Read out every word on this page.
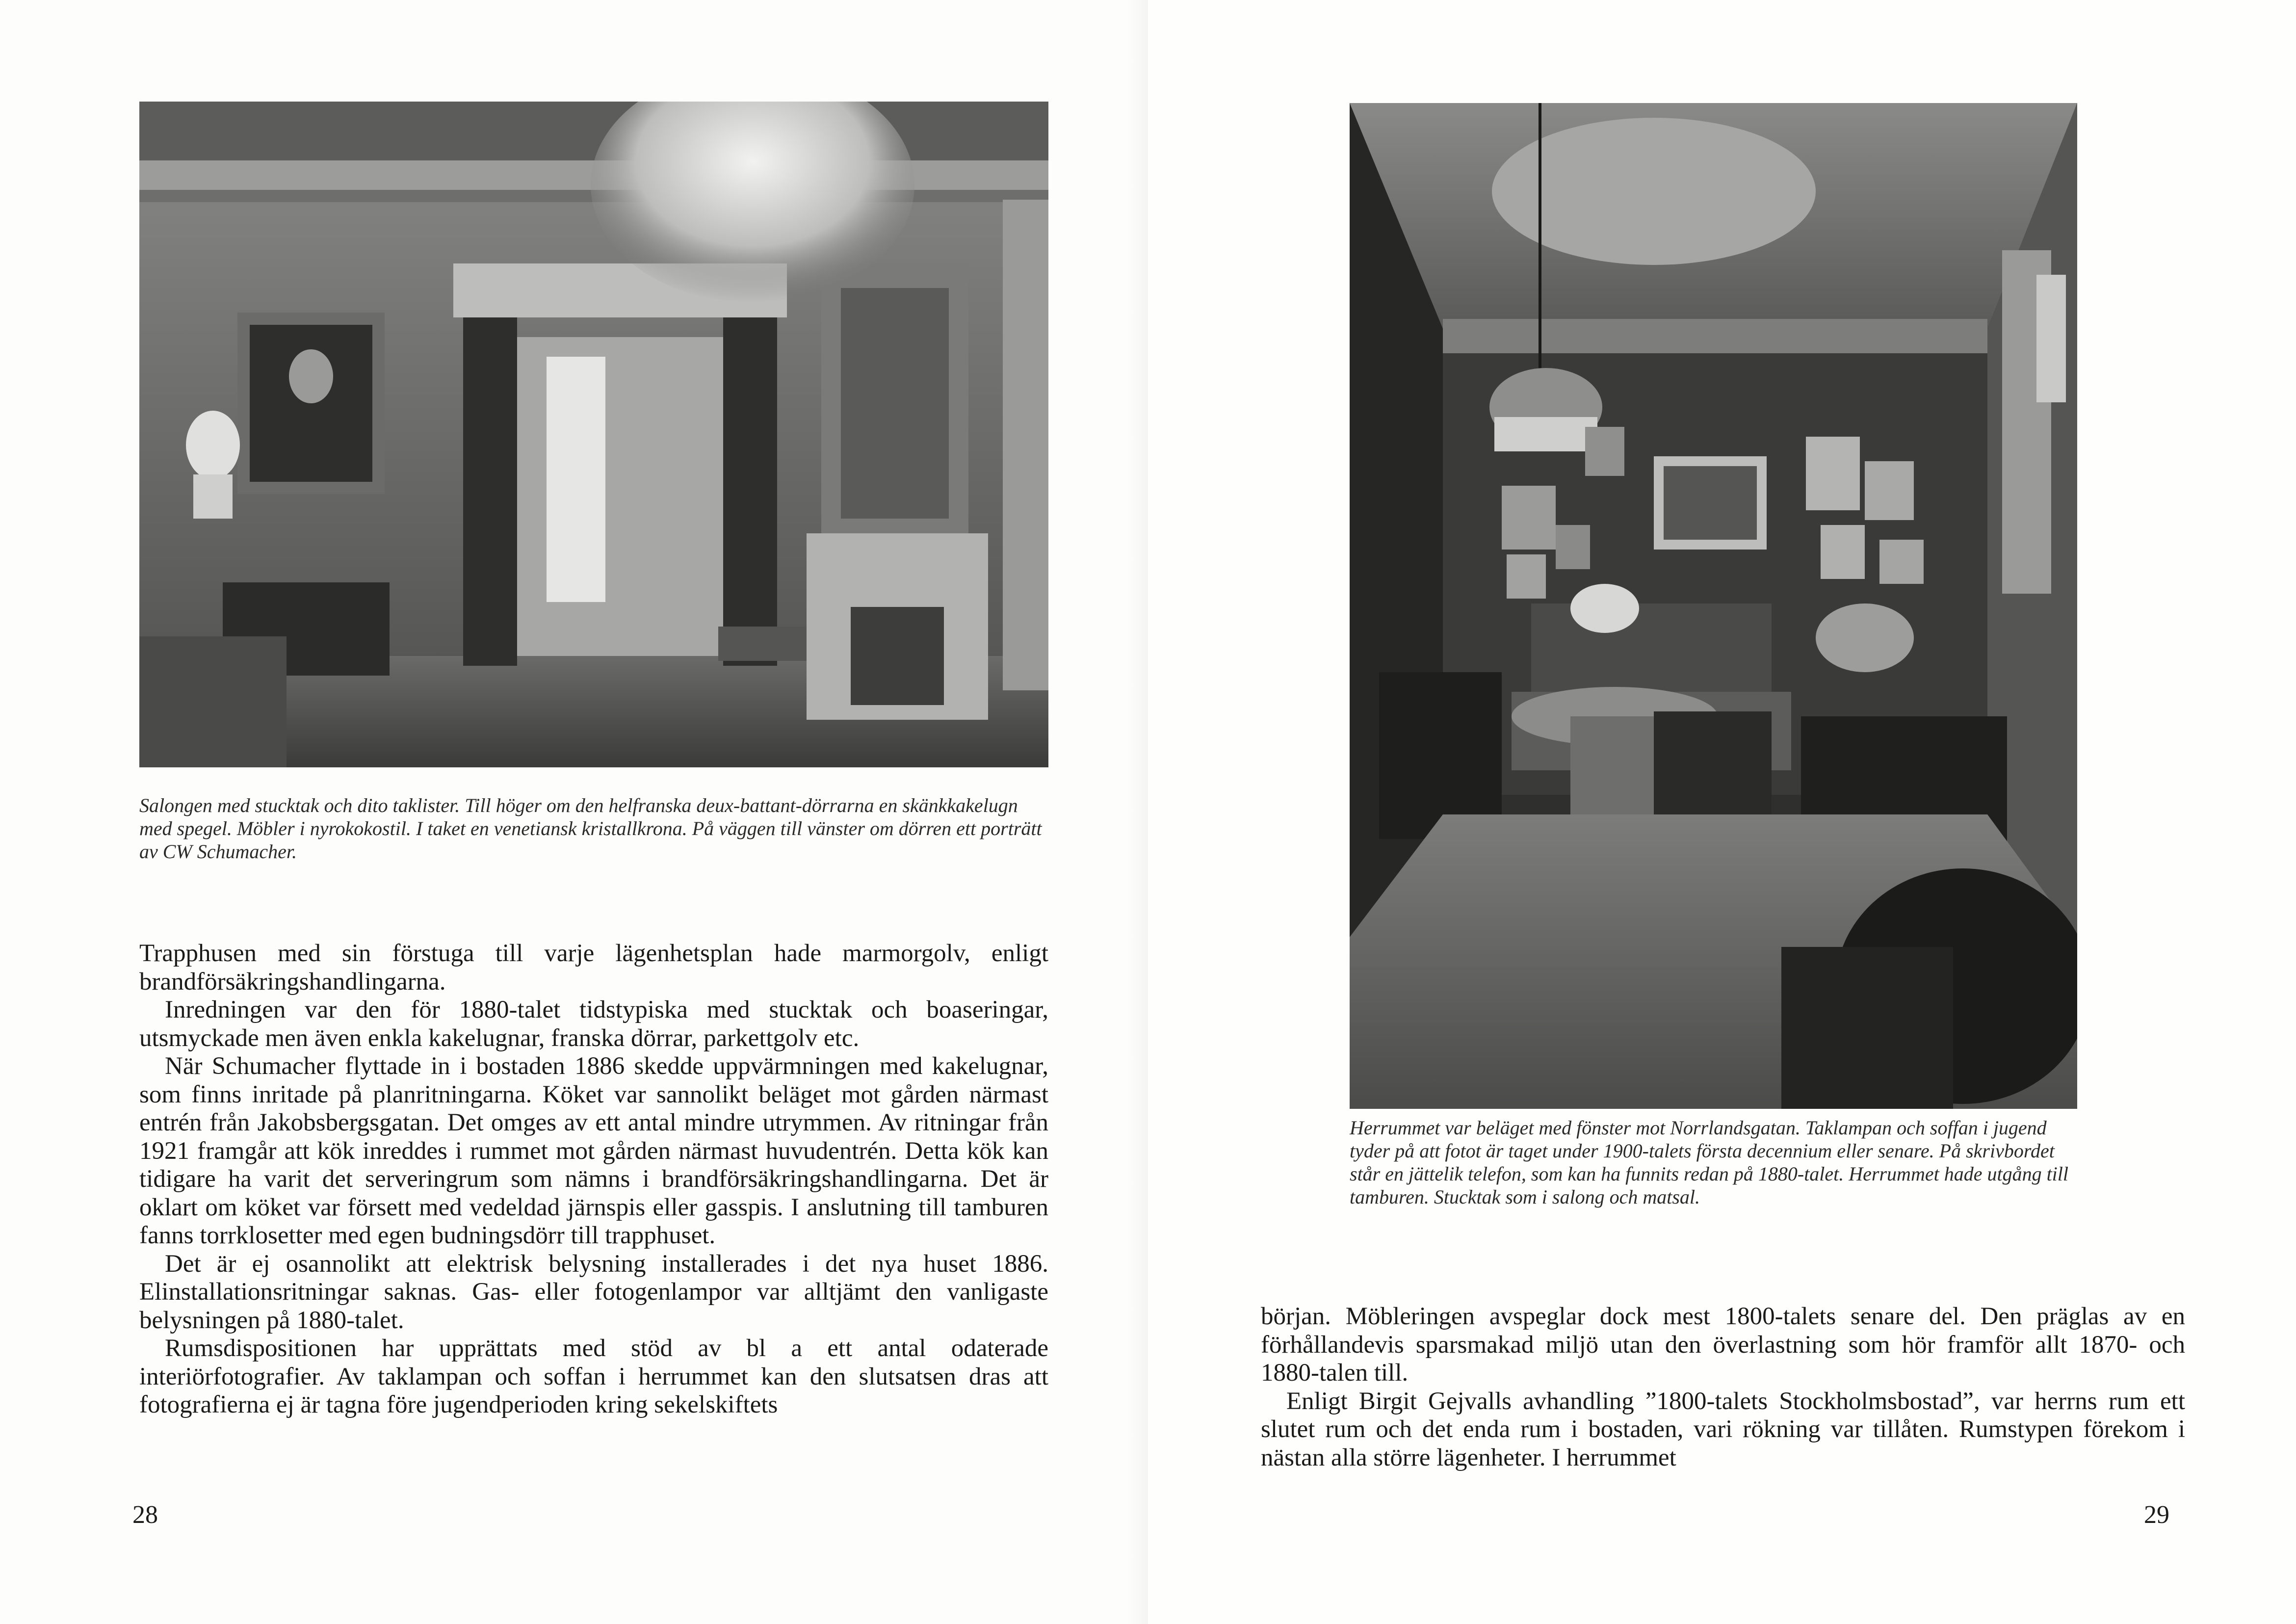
Salongen med stucktak och dito taklister. Till höger om den helfranska deux-battant-dörrarna en skänkkakelugn med spegel. Möbler i nyrokokostil. I taket en venetiansk kristallkrona. På väggen till vänster om dörren ett porträtt av CW Schumacher.

Trapphusen med sin förstuga till varje lägenhetsplan hade marmorgolv, enligt brandförsäkringshandlingarna.

Inredningen var den för 1880-talet tidstypiska med stucktak och boaseringar, utsmyckade men även enkla kakelugnar, franska dörrar, parkettgolv etc.

När Schumacher flyttade in i bostaden 1886 skedde uppvärmningen med kakelugnar, som finns inritade på planritningarna. Köket var sannolikt beläget mot gården närmast entrén från Jakobsbergsgatan. Det omges av ett antal mindre utrymmen. Av ritningar från 1921 framgår att kök inreddes i rummet mot gården närmast huvudentrén. Detta kök kan tidigare ha varit det serveringrum som nämns i brandförsäkringshandlingarna. Det är oklart om köket var försett med vedeldad järnspis eller gasspis. I anslutning till tamburen fanns torrklosetter med egen budningsdörr till trapphuset.

Det är ej osannolikt att elektrisk belysning installerades i det nya huset 1886. Elinstallationsritningar saknas. Gas- eller fotogenlampor var alltjämt den vanligaste belysningen på 1880-talet.

Rumsdispositionen har upprättats med stöd av bl a ett antal odaterade interiörfotografier. Av taklampan och soffan i herrummet kan den slutsatsen dras att fotografierna ej är tagna före jugendperioden kring sekelskiftets

28

Herrummet var beläget med fönster mot Norrlandsgatan. Taklampan och soffan i jugend tyder på att fotot är taget under 1900-talets första decennium eller senare. På skrivbordet står en jättelik telefon, som kan ha funnits redan på 1880-talet. Herrummet hade utgång till tamburen. Stucktak som i salong och matsal.

början. Möbleringen avspeglar dock mest 1800-talets senare del. Den präglas av en förhållandevis sparsmakad miljö utan den överlastning som hör framför allt 1870- och 1880-talen till.

Enligt Birgit Gejvalls avhandling ”1800-talets Stockholmsbostad”, var herrns rum ett slutet rum och det enda rum i bostaden, vari rökning var tillåten. Rumstypen förekom i nästan alla större lägenheter. I herrummet

29
